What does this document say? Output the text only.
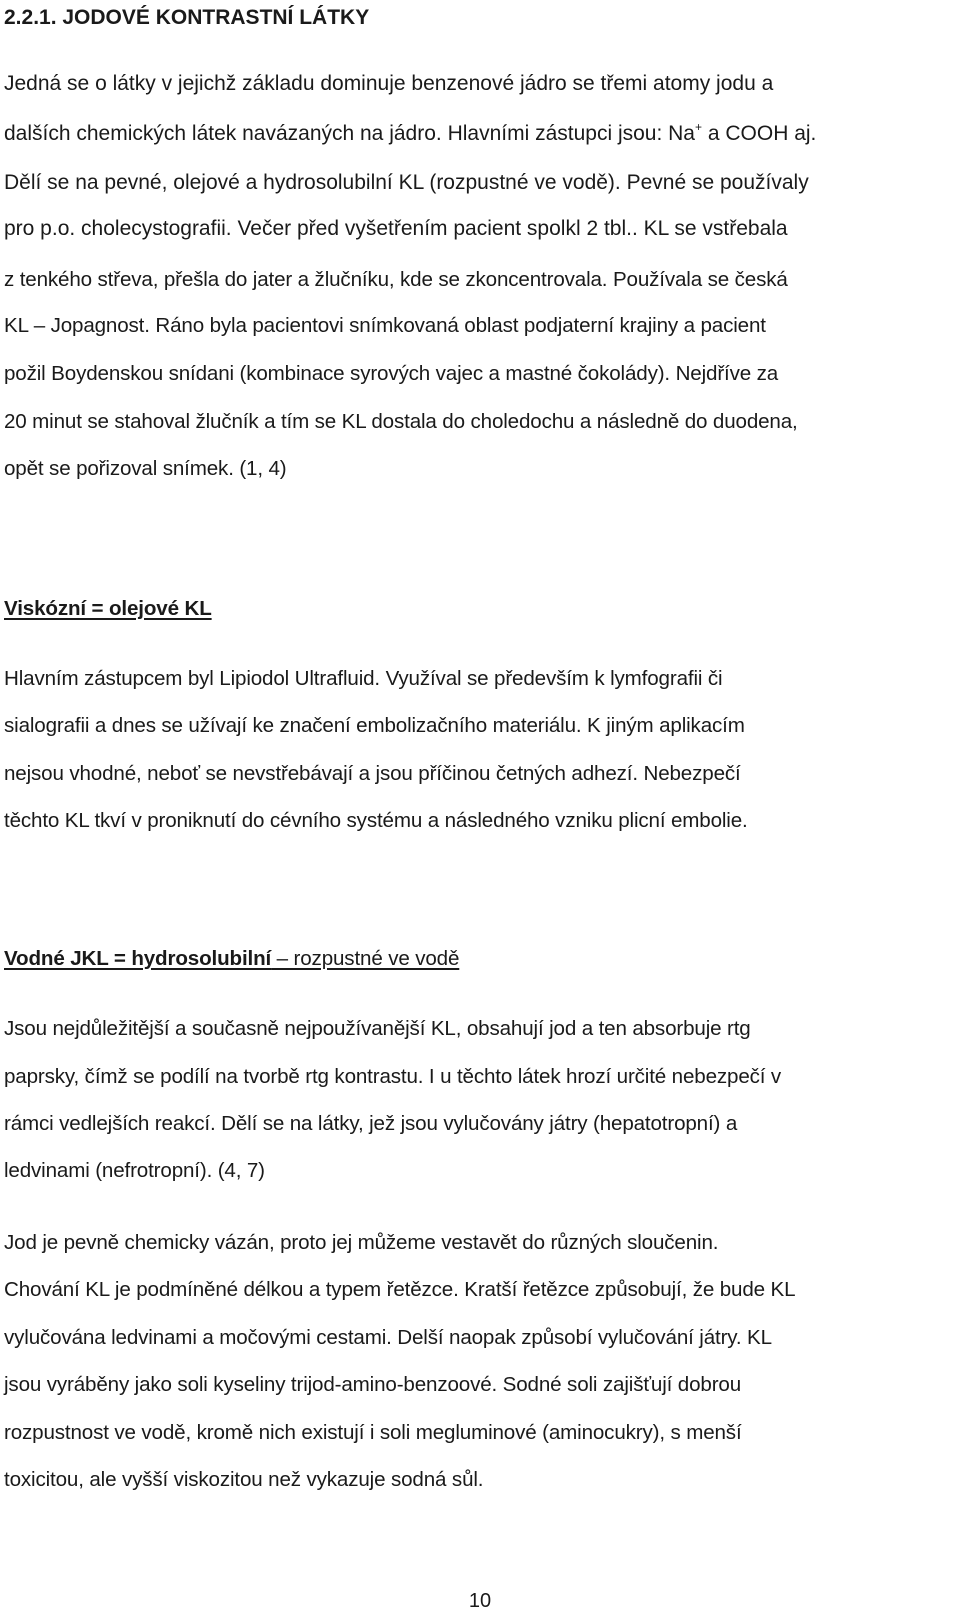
2.2.1. JODOVÉ KONTRASTNÍ LÁTKY
Jedná se o látky v jejichž základu dominuje benzenové jádro se třemi atomy jodu a
dalších chemických látek navázaných na jádro. Hlavními zástupci jsou: Na+ a COOH aj.
Dělí se na pevné, olejové a hydrosolubilní KL (rozpustné ve vodě). Pevné se používaly
pro p.o. cholecystografii. Večer před vyšetřením pacient spolkl 2 tbl.. KL se vstřebala
z tenkého střeva, přešla do jater a žlučníku, kde se zkoncentrovala. Používala se česká
KL – Jopagnost. Ráno byla pacientovi snímkovaná oblast podjaterní krajiny a pacient
požil Boydenskou snídani (kombinace syrových vajec a mastné čokolády). Nejdříve za
20 minut se stahoval žlučník a tím se KL dostala do choledochu a následně do duodena,
opět se pořizoval snímek. (1, 4)
Viskózní = olejové KL
Hlavním zástupcem byl Lipiodol Ultrafluid. Využíval se především k lymfografii či
sialografii a dnes se užívají ke značení embolizačního materiálu. K jiným aplikacím
nejsou vhodné, neboť se nevstřebávají a jsou příčinou četných adhezí. Nebezpečí
těchto KL tkví v proniknutí do cévního systému a následného vzniku plicní embolie.
Vodné JKL = hydrosolubilní – rozpustné ve vodě
Jsou nejdůležitější a současně nejpoužívanější KL, obsahují jod a ten absorbuje rtg
paprsky, čímž se podílí na tvorbě rtg kontrastu. I u těchto látek hrozí určité nebezpečí v
rámci vedlejších reakcí. Dělí se na látky, jež jsou vylučovány játry (hepatotropní) a
ledvinami (nefrotropní). (4, 7)
Jod je pevně chemicky vázán, proto jej můžeme vestavět do různých sloučenin.
Chování KL je podmíněné délkou a typem řetězce. Kratší řetězce způsobují, že bude KL
vylučována ledvinami a močovými cestami. Delší naopak způsobí vylučování játry. KL
jsou vyráběny jako soli kyseliny trijod-amino-benzoové. Sodné soli zajišťují dobrou
rozpustnost ve vodě, kromě nich existují i soli megluminové (aminocukry), s menší
toxicitou, ale vyšší viskozitou než vykazuje sodná sůl.
10
